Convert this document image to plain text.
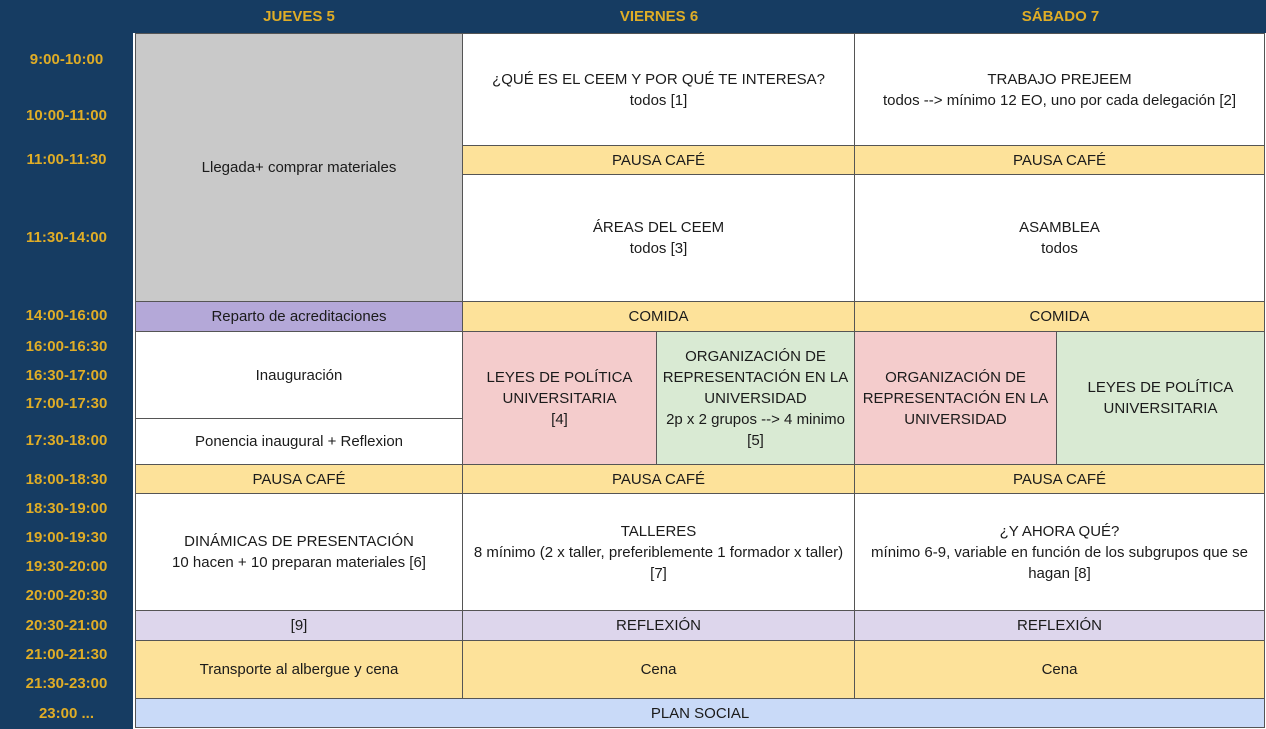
JUEVES 5	VIERNES 6	SÁBADO 7
9:00-10:00
10:00-11:00
11:00-11:30
11:30-14:00
14:00-16:00
16:00-16:30
16:30-17:00
17:00-17:30
17:30-18:00
18:00-18:30
18:30-19:00
19:00-19:30
19:30-20:00
20:00-20:30
20:30-21:00
21:00-21:30
21:30-23:00
23:00 ...
Llegada+ comprar materiales
Reparto de acreditaciones
Inauguración
Ponencia inaugural + Reflexion
PAUSA CAFÉ
DINÁMICAS DE PRESENTACIÓN
10 hacen + 10 preparan materiales [6]
[9]
Transporte al albergue y cena
¿QUÉ ES EL CEEM Y POR QUÉ TE INTERESA?
todos [1]
PAUSA CAFÉ
ÁREAS DEL CEEM
todos [3]
COMIDA
LEYES DE POLÍTICA UNIVERSITARIA
[4]
ORGANIZACIÓN DE REPRESENTACIÓN EN LA UNIVERSIDAD
2p x 2 grupos --> 4 minimo [5]
PAUSA CAFÉ
TALLERES
8 mínimo (2 x taller, preferiblemente 1 formador x taller) [7]
REFLEXIÓN
Cena
TRABAJO PREJEEM
todos --> mínimo 12 EO, uno por cada delegación [2]
PAUSA CAFÉ
ASAMBLEA
todos
COMIDA
ORGANIZACIÓN DE REPRESENTACIÓN EN LA UNIVERSIDAD
LEYES DE POLÍTICA UNIVERSITARIA
PAUSA CAFÉ
¿Y AHORA QUÉ?
mínimo 6-9, variable en función de los subgrupos que se hagan [8]
REFLEXIÓN
Cena
PLAN SOCIAL
